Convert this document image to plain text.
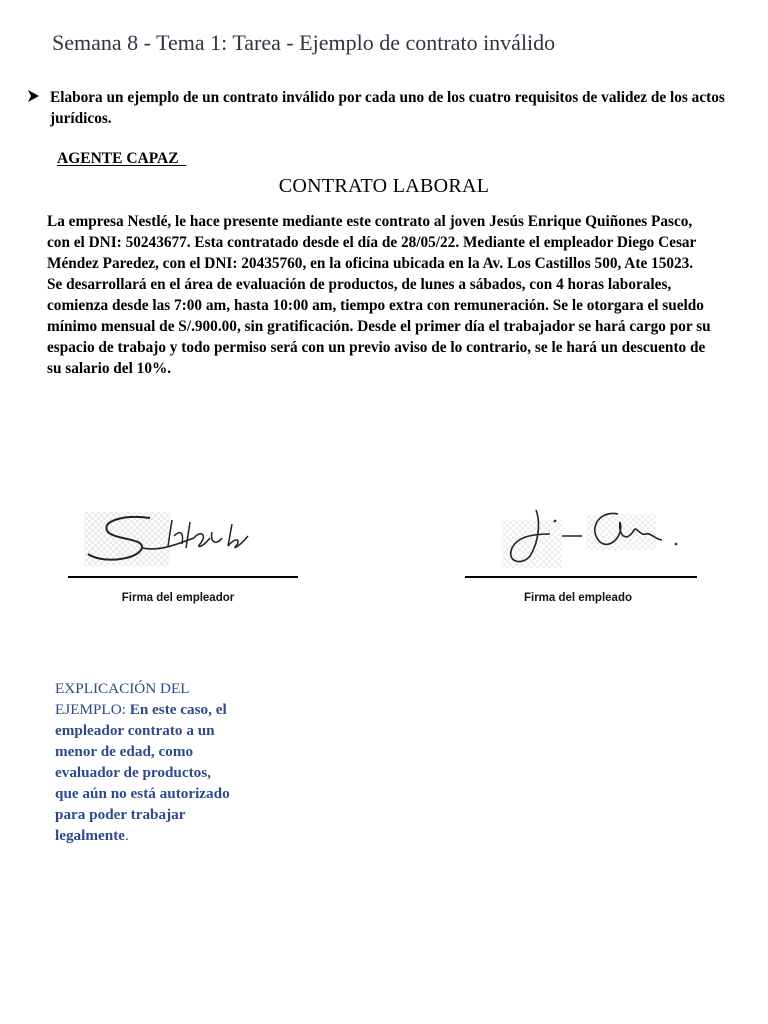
Semana 8 - Tema 1: Tarea - Ejemplo de contrato inválido
Elabora un ejemplo de un contrato inválido por cada uno de los cuatro requisitos de validez de los actos jurídicos.
AGENTE CAPAZ
CONTRATO LABORAL
La empresa Nestlé, le hace presente mediante este contrato al joven Jesús Enrique Quiñones Pasco, con el DNI: 50243677. Esta contratado desde el día de 28/05/22. Mediante el empleador Diego Cesar Méndez Paredez, con el DNI: 20435760, en la oficina ubicada en la Av. Los Castillos 500, Ate 15023. Se desarrollará en el área de evaluación de productos, de lunes a sábados, con 4 horas laborales, comienza desde las 7:00 am, hasta 10:00 am, tiempo extra con remuneración. Se le otorgara el sueldo mínimo mensual de S/.900.00, sin gratificación. Desde el primer día el trabajador se hará cargo por su espacio de trabajo y todo permiso será con un previo aviso de lo contrario, se le hará un descuento de su salario del 10%.
Firma del empleador	Firma del empleado
EXPLICACIÓN DEL EJEMPLO: En este caso, el empleador contrato a un menor de edad, como evaluador de productos, que aún no está autorizado para poder trabajar legalmente.
